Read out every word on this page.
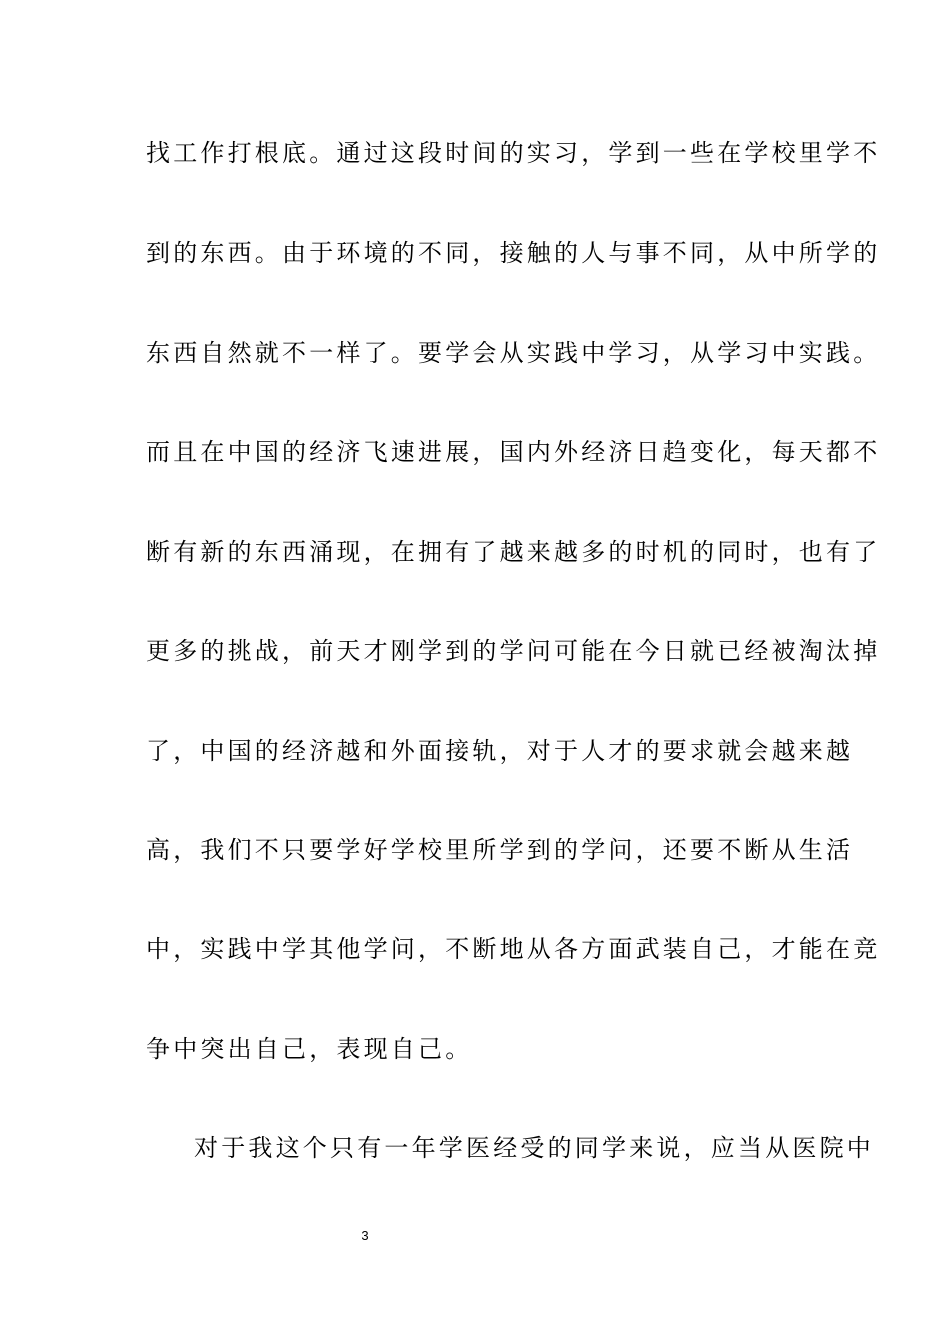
找工作打根底。通过这段时间的实习，学到一些在学校里学不
到的东西。由于环境的不同，接触的人与事不同，从中所学的
东西自然就不一样了。要学会从实践中学习，从学习中实践。
而且在中国的经济飞速进展，国内外经济日趋变化，每天都不
断有新的东西涌现，在拥有了越来越多的时机的同时，也有了
更多的挑战，前天才刚学到的学问可能在今日就已经被淘汰掉
了，中国的经济越和外面接轨，对于人才的要求就会越来越
高，我们不只要学好学校里所学到的学问，还要不断从生活
中，实践中学其他学问，不断地从各方面武装自己，才能在竞
争中突出自己，表现自己。
对于我这个只有一年学医经受的同学来说，应当从医院中
3
